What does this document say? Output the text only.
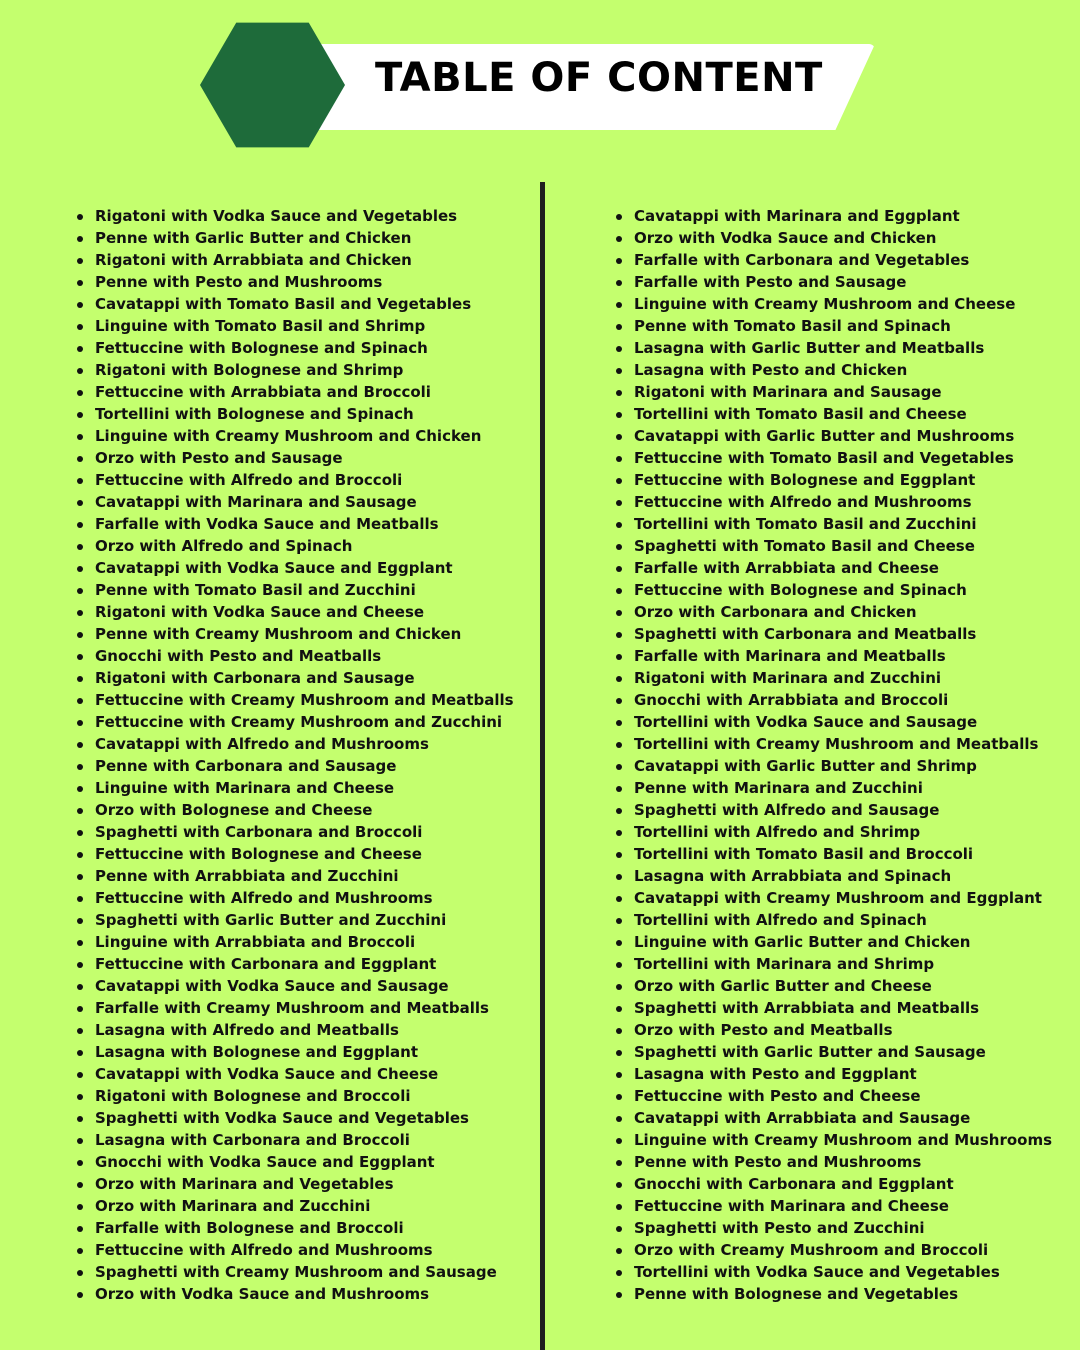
TABLE OF CONTENT
Rigatoni with Vodka Sauce and Vegetables
Penne with Garlic Butter and Chicken
Rigatoni with Arrabbiata and Chicken
Penne with Pesto and Mushrooms
Cavatappi with Tomato Basil and Vegetables
Linguine with Tomato Basil and Shrimp
Fettuccine with Bolognese and Spinach
Rigatoni with Bolognese and Shrimp
Fettuccine with Arrabbiata and Broccoli
Tortellini with Bolognese and Spinach
Linguine with Creamy Mushroom and Chicken
Orzo with Pesto and Sausage
Fettuccine with Alfredo and Broccoli
Cavatappi with Marinara and Sausage
Farfalle with Vodka Sauce and Meatballs
Orzo with Alfredo and Spinach
Cavatappi with Vodka Sauce and Eggplant
Penne with Tomato Basil and Zucchini
Rigatoni with Vodka Sauce and Cheese
Penne with Creamy Mushroom and Chicken
Gnocchi with Pesto and Meatballs
Rigatoni with Carbonara and Sausage
Fettuccine with Creamy Mushroom and Meatballs
Fettuccine with Creamy Mushroom and Zucchini
Cavatappi with Alfredo and Mushrooms
Penne with Carbonara and Sausage
Linguine with Marinara and Cheese
Orzo with Bolognese and Cheese
Spaghetti with Carbonara and Broccoli
Fettuccine with Bolognese and Cheese
Penne with Arrabbiata and Zucchini
Fettuccine with Alfredo and Mushrooms
Spaghetti with Garlic Butter and Zucchini
Linguine with Arrabbiata and Broccoli
Fettuccine with Carbonara and Eggplant
Cavatappi with Vodka Sauce and Sausage
Farfalle with Creamy Mushroom and Meatballs
Lasagna with Alfredo and Meatballs
Lasagna with Bolognese and Eggplant
Cavatappi with Vodka Sauce and Cheese
Rigatoni with Bolognese and Broccoli
Spaghetti with Vodka Sauce and Vegetables
Lasagna with Carbonara and Broccoli
Gnocchi with Vodka Sauce and Eggplant
Orzo with Marinara and Vegetables
Orzo with Marinara and Zucchini
Farfalle with Bolognese and Broccoli
Fettuccine with Alfredo and Mushrooms
Spaghetti with Creamy Mushroom and Sausage
Orzo with Vodka Sauce and Mushrooms
Cavatappi with Marinara and Eggplant
Orzo with Vodka Sauce and Chicken
Farfalle with Carbonara and Vegetables
Farfalle with Pesto and Sausage
Linguine with Creamy Mushroom and Cheese
Penne with Tomato Basil and Spinach
Lasagna with Garlic Butter and Meatballs
Lasagna with Pesto and Chicken
Rigatoni with Marinara and Sausage
Tortellini with Tomato Basil and Cheese
Cavatappi with Garlic Butter and Mushrooms
Fettuccine with Tomato Basil and Vegetables
Fettuccine with Bolognese and Eggplant
Fettuccine with Alfredo and Mushrooms
Tortellini with Tomato Basil and Zucchini
Spaghetti with Tomato Basil and Cheese
Farfalle with Arrabbiata and Cheese
Fettuccine with Bolognese and Spinach
Orzo with Carbonara and Chicken
Spaghetti with Carbonara and Meatballs
Farfalle with Marinara and Meatballs
Rigatoni with Marinara and Zucchini
Gnocchi with Arrabbiata and Broccoli
Tortellini with Vodka Sauce and Sausage
Tortellini with Creamy Mushroom and Meatballs
Cavatappi with Garlic Butter and Shrimp
Penne with Marinara and Zucchini
Spaghetti with Alfredo and Sausage
Tortellini with Alfredo and Shrimp
Tortellini with Tomato Basil and Broccoli
Lasagna with Arrabbiata and Spinach
Cavatappi with Creamy Mushroom and Eggplant
Tortellini with Alfredo and Spinach
Linguine with Garlic Butter and Chicken
Tortellini with Marinara and Shrimp
Orzo with Garlic Butter and Cheese
Spaghetti with Arrabbiata and Meatballs
Orzo with Pesto and Meatballs
Spaghetti with Garlic Butter and Sausage
Lasagna with Pesto and Eggplant
Fettuccine with Pesto and Cheese
Cavatappi with Arrabbiata and Sausage
Linguine with Creamy Mushroom and Mushrooms
Penne with Pesto and Mushrooms
Gnocchi with Carbonara and Eggplant
Fettuccine with Marinara and Cheese
Spaghetti with Pesto and Zucchini
Orzo with Creamy Mushroom and Broccoli
Tortellini with Vodka Sauce and Vegetables
Penne with Bolognese and Vegetables
